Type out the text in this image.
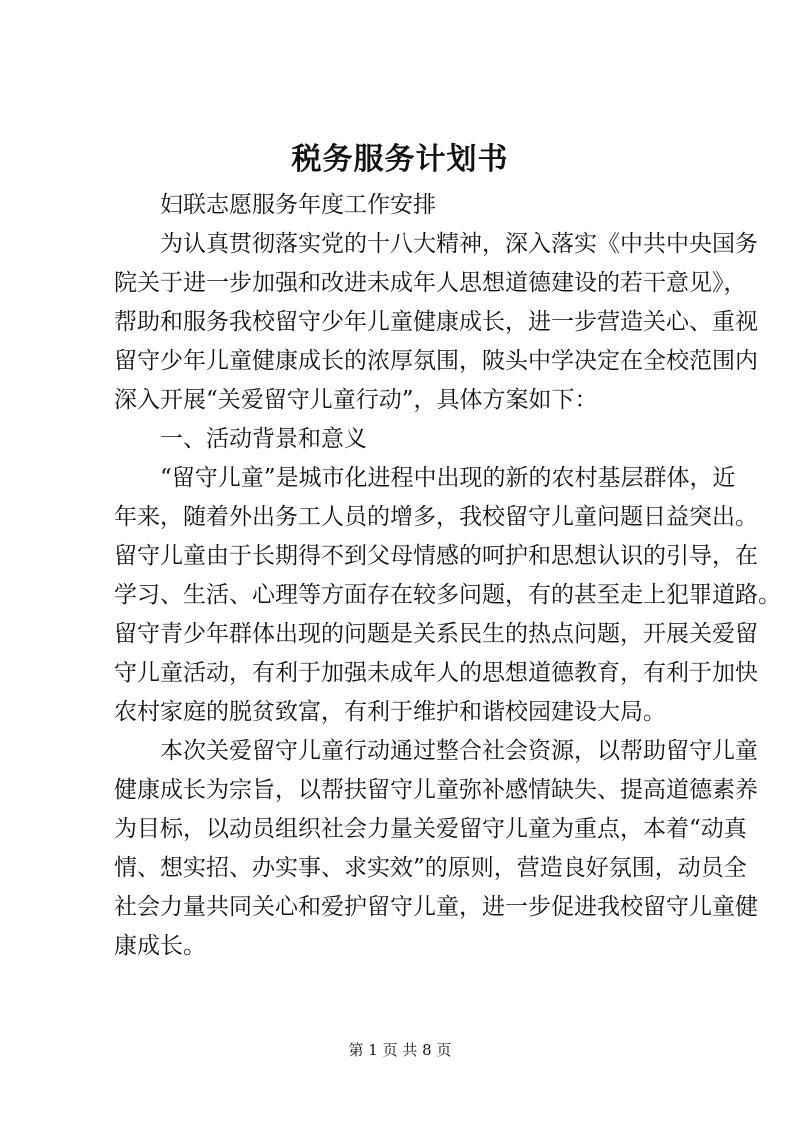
税务服务计划书

妇联志愿服务年度工作安排

为认真贯彻落实党的十八大精神，深入落实《中共中央国务
院关于进一步加强和改进未成年人思想道德建设的若干意见》，
帮助和服务我校留守少年儿童健康成长，进一步营造关心、重视
留守少年儿童健康成长的浓厚氛围，陂头中学决定在全校范围内
深入开展“关爱留守儿童行动”，具体方案如下：

一、活动背景和意义

“留守儿童”是城市化进程中出现的新的农村基层群体，近
年来，随着外出务工人员的增多，我校留守儿童问题日益突出。
留守儿童由于长期得不到父母情感的呵护和思想认识的引导，在
学习、生活、心理等方面存在较多问题，有的甚至走上犯罪道路。
留守青少年群体出现的问题是关系民生的热点问题，开展关爱留
守儿童活动，有利于加强未成年人的思想道德教育，有利于加快
农村家庭的脱贫致富，有利于维护和谐校园建设大局。

本次关爱留守儿童行动通过整合社会资源，以帮助留守儿童
健康成长为宗旨，以帮扶留守儿童弥补感情缺失、提高道德素养
为目标，以动员组织社会力量关爱留守儿童为重点，本着“动真
情、想实招、办实事、求实效”的原则，营造良好氛围，动员全
社会力量共同关心和爱护留守儿童，进一步促进我校留守儿童健
康成长。

第 1 页 共 8 页
